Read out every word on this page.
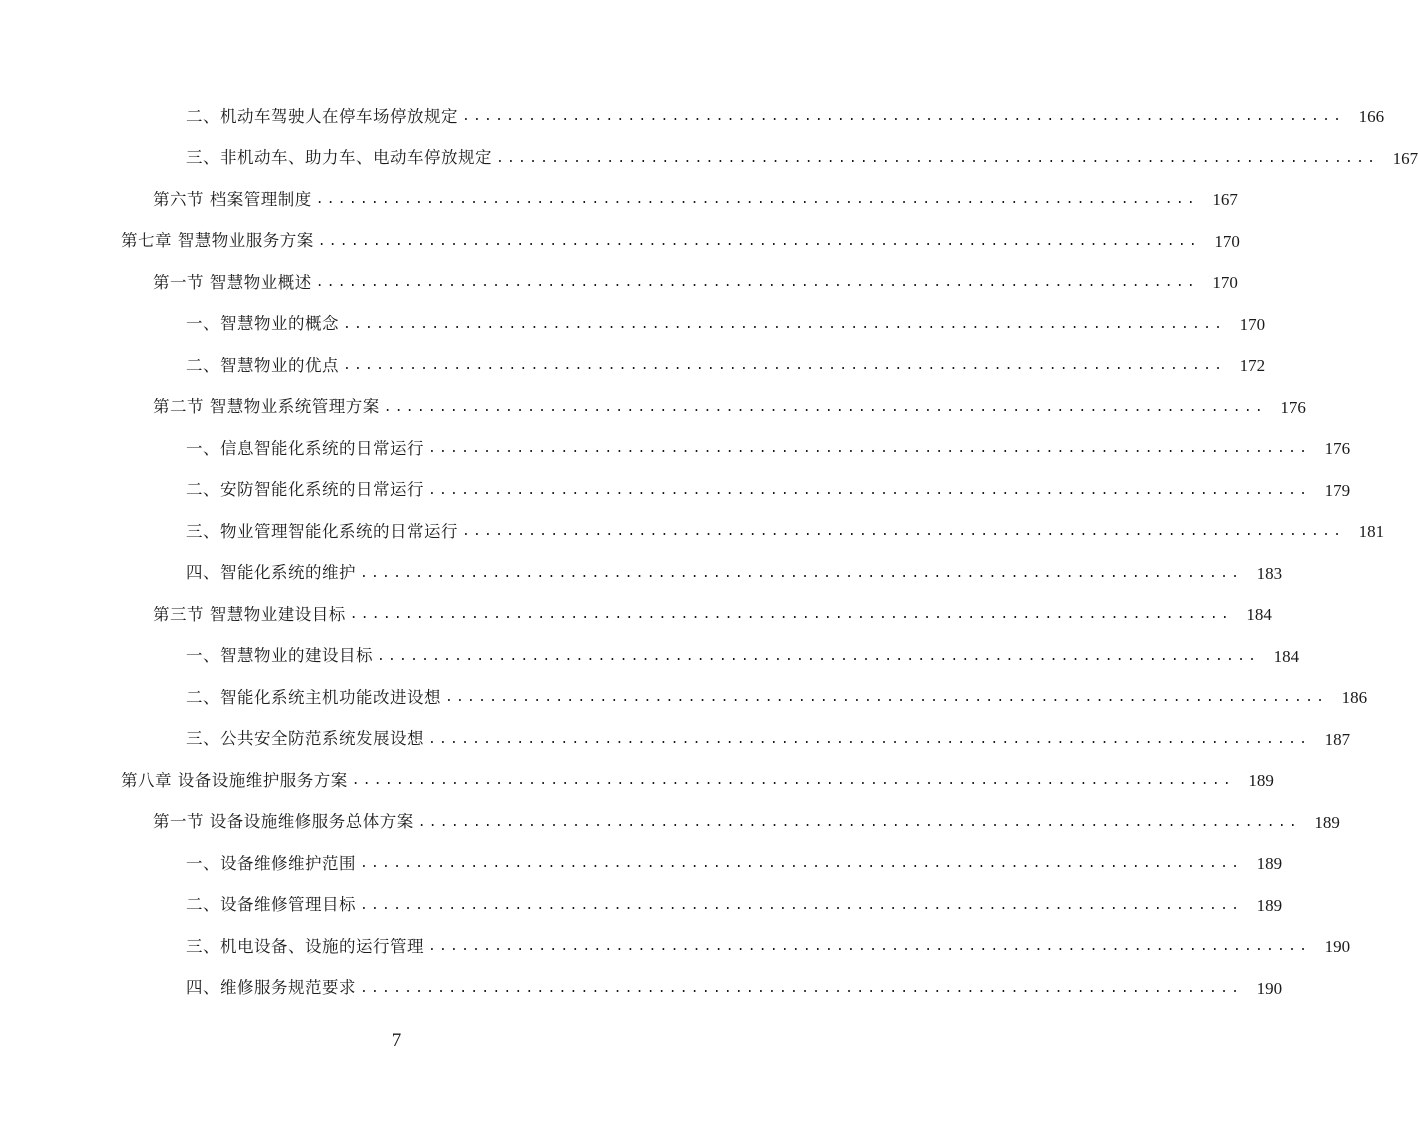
二、机动车驾驶人在停车场停放规定 ................................................................................ 166
三、非机动车、助力车、电动车停放规定 ................................................................................ 167
第六节 档案管理制度 ................................................................................ 167
第七章 智慧物业服务方案 ................................................................................ 170
第一节 智慧物业概述 ................................................................................ 170
一、智慧物业的概念 ................................................................................ 170
二、智慧物业的优点 ................................................................................ 172
第二节 智慧物业系统管理方案 ................................................................................ 176
一、信息智能化系统的日常运行 ................................................................................ 176
二、安防智能化系统的日常运行 ................................................................................ 179
三、物业管理智能化系统的日常运行 ................................................................................ 181
四、智能化系统的维护 ................................................................................ 183
第三节 智慧物业建设目标 ................................................................................ 184
一、智慧物业的建设目标 ................................................................................ 184
二、智能化系统主机功能改进设想 ................................................................................ 186
三、公共安全防范系统发展设想 ................................................................................ 187
第八章 设备设施维护服务方案 ................................................................................ 189
第一节 设备设施维修服务总体方案 ................................................................................ 189
一、设备维修维护范围 ................................................................................ 189
二、设备维修管理目标 ................................................................................ 189
三、机电设备、设施的运行管理 ................................................................................ 190
四、维修服务规范要求 ................................................................................ 190
7
